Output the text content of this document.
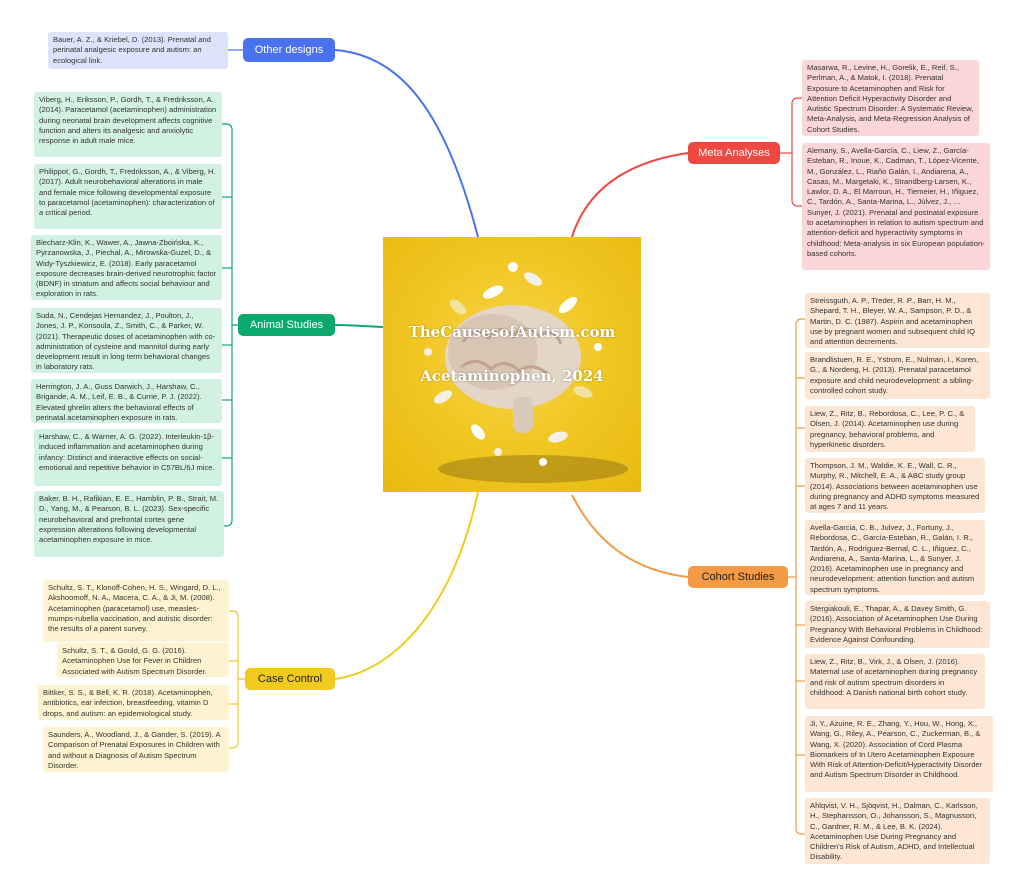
TheCausesofAutism.com
Acetaminophen, 2024
Other designs
Animal Studies
Case Control
Meta Analyses
Cohort Studies

Bauer, A. Z., & Kriebel, D. (2013). Prenatal and perinatal analgesic exposure and autism: an ecological link.

Viberg, H., Eriksson, P., Gordh, T., & Fredriksson, A. (2014). Paracetamol (acetaminophen) administration during neonatal brain development affects cognitive function and alters its analgesic and anxiolytic response in adult male mice.

Philippot, G., Gordh, T., Fredriksson, A., & Viberg, H. (2017). Adult neurobehavioral alterations in male and female mice following developmental exposure to paracetamol (acetaminophen): characterization of a critical period.

Blecharz-Klin, K., Wawer, A., Jawna-Zboińska, K., Pyrzanowska, J., Piechal, A., Mirowska-Guzel, D., & Widy-Tyszkiewicz, E. (2018). Early paracetamol exposure decreases brain-derived neurotrophic factor (BDNF) in striatum and affects social behaviour and exploration in rats.

Suda, N., Cendejas Hernandez, J., Poulton, J., Jones, J. P., Konsoula, Z., Smith, C., & Parker, W. (2021). Therapeutic doses of acetaminophen with co-administration of cysteine and mannitol during early development result in long term behavioral changes in laboratory rats.

Herrington, J. A., Guss Darwich, J., Harshaw, C., Brigande, A. M., Leif, E. B., & Currie, P. J. (2022). Elevated ghrelin alters the behavioral effects of perinatal acetaminophen exposure in rats.

Harshaw, C., & Warner, A. G. (2022). Interleukin-1β-induced inflammation and acetaminophen during infancy: Distinct and interactive effects on social-emotional and repetitive behavior in C57BL/6J mice.

Baker, B. H., Rafikian, E. E., Hamblin, P. B., Strait, M. D., Yang, M., & Pearson, B. L. (2023). Sex-specific neurobehavioral and prefrontal cortex gene expression alterations following developmental acetaminophen exposure in mice.

Schultz, S. T., Klonoff-Cohen, H. S., Wingard, D. L., Akshoomoff, N. A., Macera, C. A., & Ji, M. (2008). Acetaminophen (paracetamol) use, measles-mumps-rubella vaccination, and autistic disorder: the results of a parent survey.

Schultz, S. T., & Gould, G. G. (2016). Acetaminophen Use for Fever in Children Associated with Autism Spectrum Disorder.

Bittker, S. S., & Bell, K. R. (2018). Acetaminophen, antibiotics, ear infection, breastfeeding, vitamin D drops, and autism: an epidemiological study.

Saunders, A., Woodland, J., & Gander, S. (2019). A Comparison of Prenatal Exposures in Children with and without a Diagnosis of Autism Spectrum Disorder.

Masarwa, R., Levine, H., Gorelik, E., Reif, S., Perlman, A., & Matok, I. (2018). Prenatal Exposure to Acetaminophen and Risk for Attention Deficit Hyperactivity Disorder and Autistic Spectrum Disorder: A Systematic Review, Meta-Analysis, and Meta-Regression Analysis of Cohort Studies.

Alemany, S., Avella-García, C., Liew, Z., García-Esteban, R., Inoue, K., Cadman, T., López-Vicente, M., González, L., Riaño Galán, I., Andiarena, A., Casas, M., Margetaki, K., Strandberg-Larsen, K., Lawlor, D. A., El Marroun, H., Tiemeier, H., Iñiguez, C., Tardón, A., Santa-Marina, L., Júlvez, J., … Sunyer, J. (2021). Prenatal and postnatal exposure to acetaminophen in relation to autism spectrum and attention-deficit and hyperactivity symptoms in childhood: Meta-analysis in six European population-based cohorts.

Streissguth, A. P., Treder, R. P., Barr, H. M., Shepard, T. H., Bleyer, W. A., Sampson, P. D., & Martin, D. C. (1987). Aspirin and acetaminophen use by pregnant women and subsequent child IQ and attention decrements.

Brandlistuen, R. E., Ystrom, E., Nulman, I., Koren, G., & Nordeng, H. (2013). Prenatal paracetamol exposure and child neurodevelopment: a sibling-controlled cohort study.

Liew, Z., Ritz, B., Rebordosa, C., Lee, P. C., & Olsen, J. (2014). Acetaminophen use during pregnancy, behavioral problems, and hyperkinetic disorders.

Thompson, J. M., Waldie, K. E., Wall, C. R., Murphy, R., Mitchell, E. A., & ABC study group (2014). Associations between acetaminophen use during pregnancy and ADHD symptoms measured at ages 7 and 11 years.

Avella-Garcia, C. B., Julvez, J., Fortuny, J., Rebordosa, C., García-Esteban, R., Galán, I. R., Tardón, A., Rodríguez-Bernal, C. L., Iñiguez, C., Andiarena, A., Santa-Marina, L., & Sunyer, J. (2016). Acetaminophen use in pregnancy and neurodevelopment: attention function and autism spectrum symptoms.

Stergiakouli, E., Thapar, A., & Davey Smith, G. (2016). Association of Acetaminophen Use During Pregnancy With Behavioral Problems in Childhood: Evidence Against Confounding.

Liew, Z., Ritz, B., Virk, J., & Olsen, J. (2016). Maternal use of acetaminophen during pregnancy and risk of autism spectrum disorders in childhood: A Danish national birth cohort study.

Ji, Y., Azuine, R. E., Zhang, Y., Hou, W., Hong, X., Wang, G., Riley, A., Pearson, C., Zuckerman, B., & Wang, X. (2020). Association of Cord Plasma Biomarkers of In Utero Acetaminophen Exposure With Risk of Attention-Deficit/Hyperactivity Disorder and Autism Spectrum Disorder in Childhood.

Ahlqvist, V. H., Sjöqvist, H., Dalman, C., Karlsson, H., Stephansson, O., Johansson, S., Magnusson, C., Gardner, R. M., & Lee, B. K. (2024). Acetaminophen Use During Pregnancy and Children's Risk of Autism, ADHD, and Intellectual Disability.
